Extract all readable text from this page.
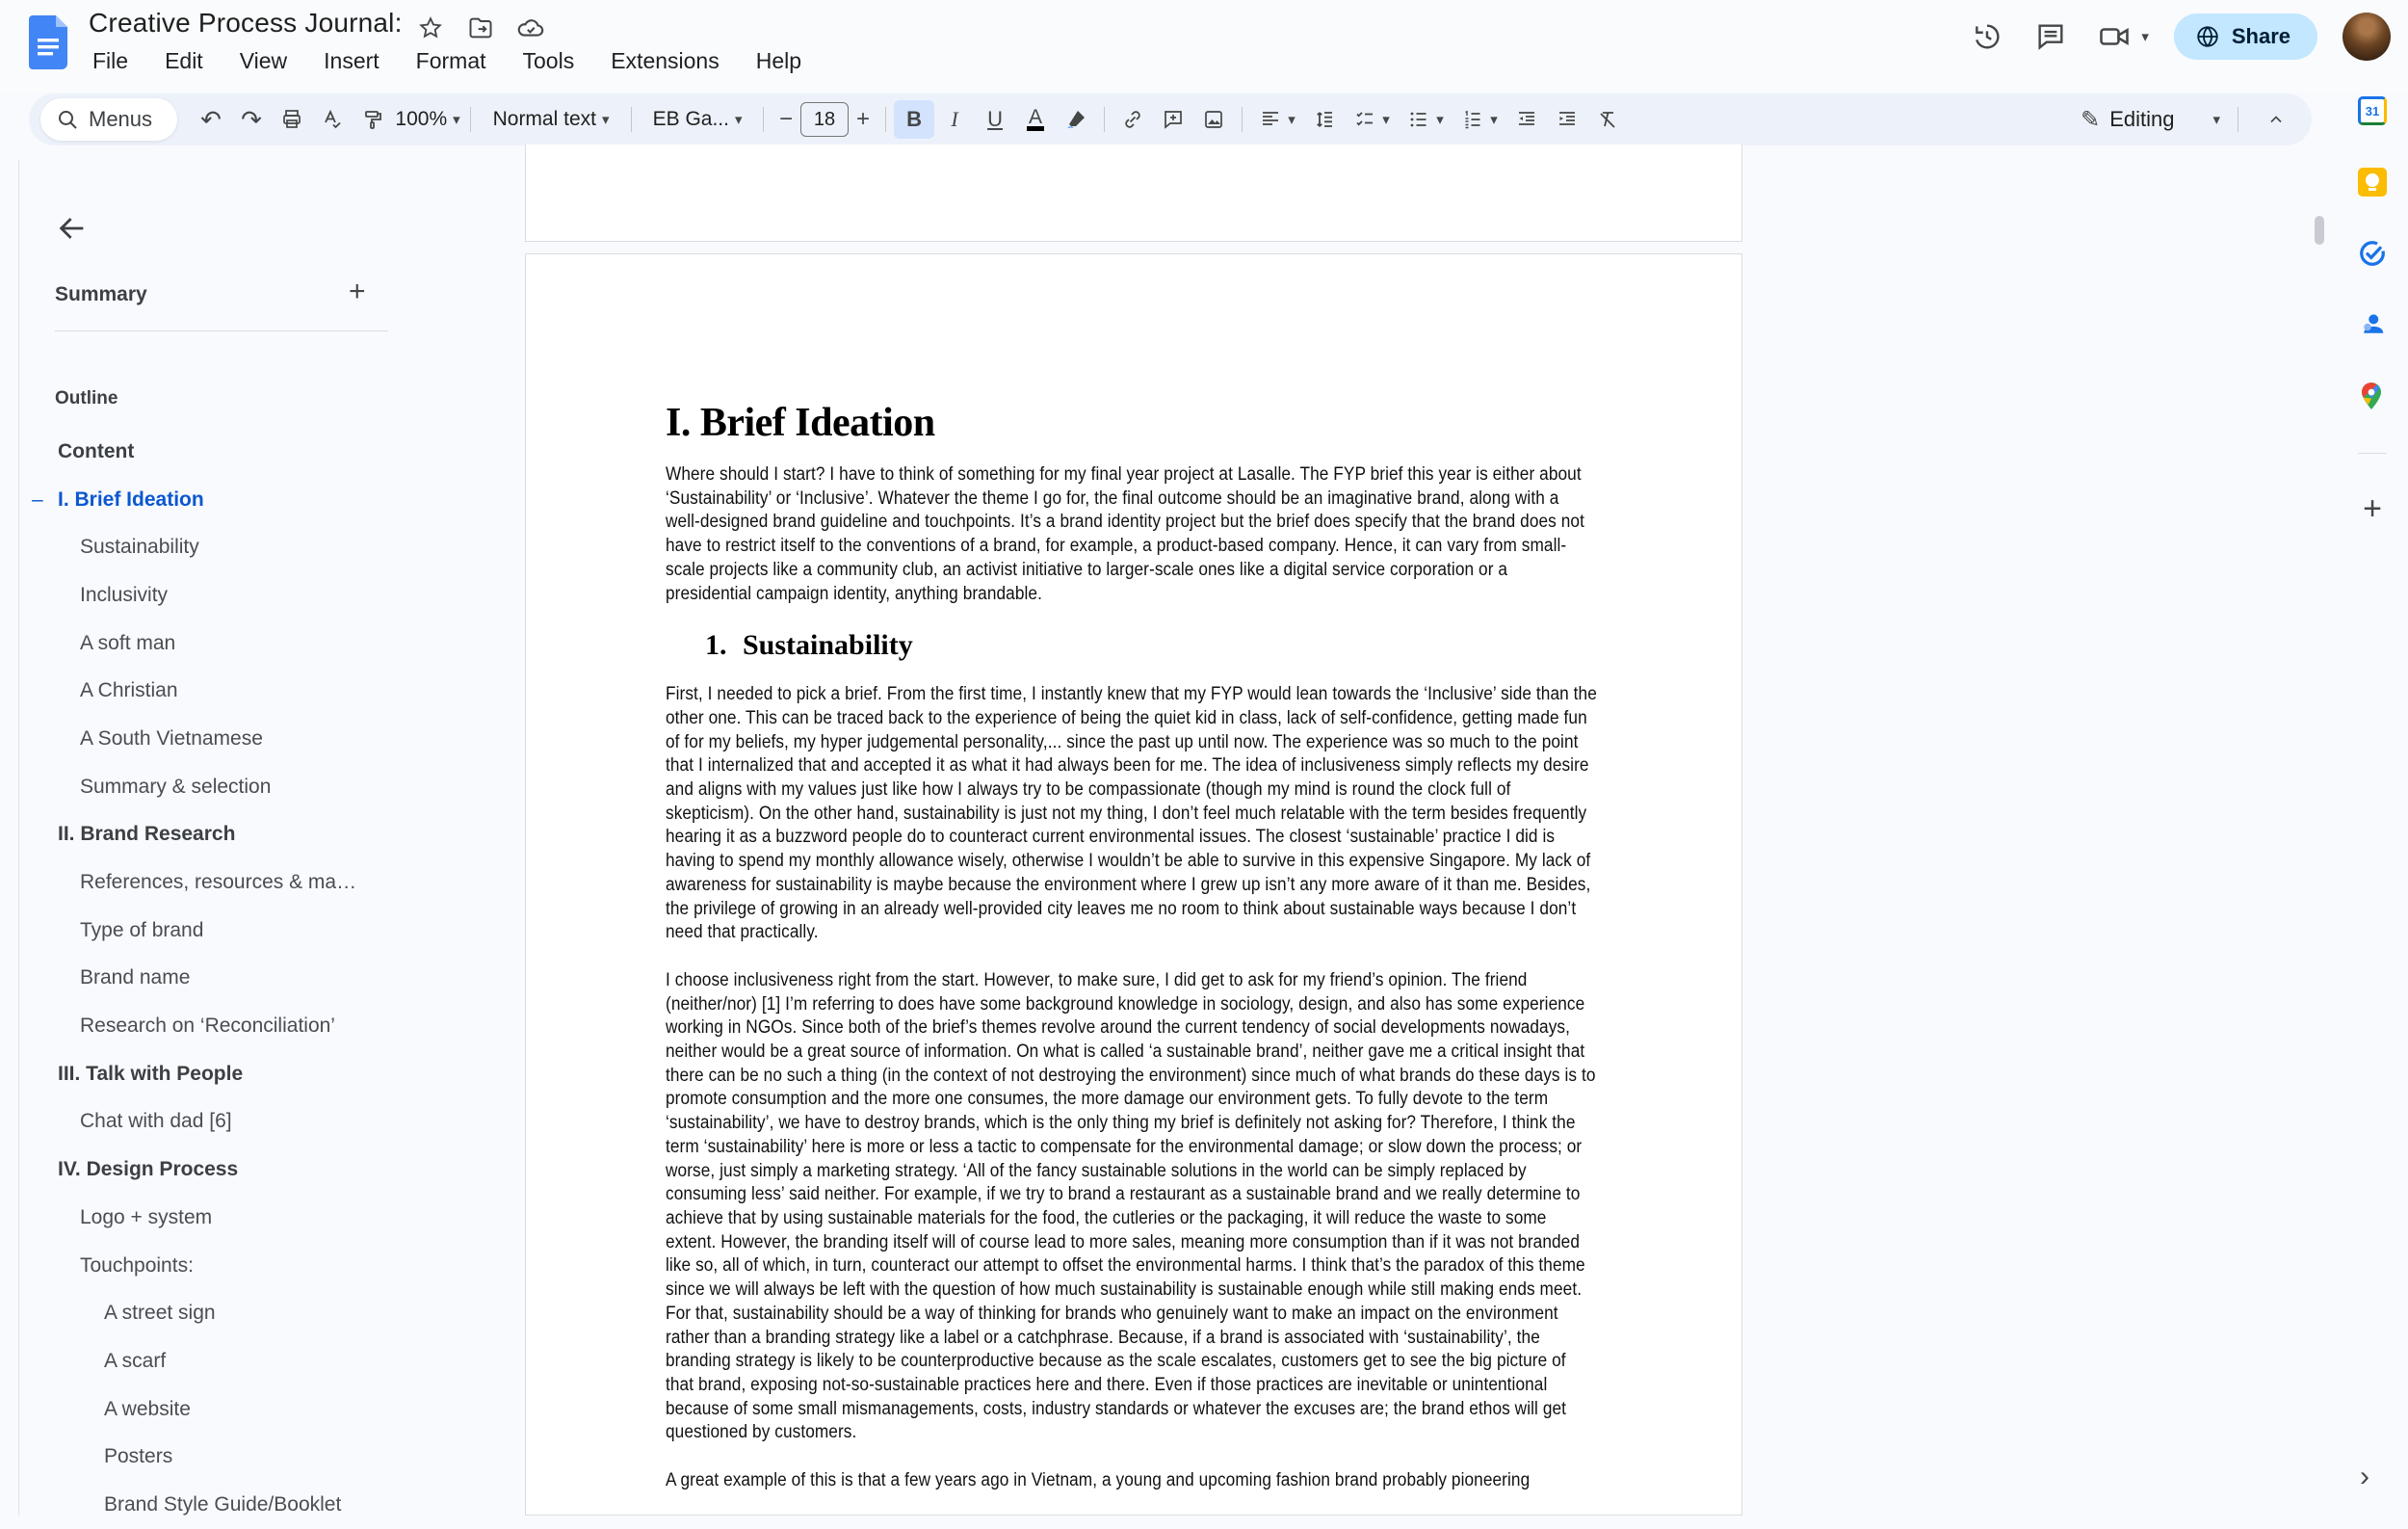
Creative Process Journal:
File Edit View Insert Format Tools Extensions Help
▾	Share
Menus	↶ ↷	100% ▾ Normal text ▾ EB Ga... ▾	−	18 +	B	I	U	A	▾	▾	▾	▾	✎ Editing	▾
Summary	+
Outline
Content
– I. Brief Ideation
Sustainability
Inclusivity
A soft man
A Christian
A South Vietnamese
Summary & selection
II. Brand Research
References, resources & ma…
Type of brand
Brand name
Research on ‘Reconciliation’
III. Talk with People
Chat with dad [6]
IV. Design Process
Logo + system
Touchpoints:
A street sign
A scarf
A website
Posters
Brand Style Guide/Booklet
I. Brief Ideation
Where should I start? I have to think of something for my final year project at Lasalle. The FYP brief this year is either about ‘Sustainability’ or ‘Inclusive’. Whatever the theme I go for, the final outcome should be an imaginative brand, along with a well-designed brand guideline and touchpoints. It’s a brand identity project but the brief does specify that the brand does not have to restrict itself to the conventions of a brand, for example, a product-based company. Hence, it can vary from small-scale projects like a community club, an activist initiative to larger-scale ones like a digital service corporation or a presidential campaign identity, anything brandable.
1. Sustainability
First, I needed to pick a brief. From the first time, I instantly knew that my FYP would lean towards the ‘Inclusive’ side than the other one. This can be traced back to the experience of being the quiet kid in class, lack of self-confidence, getting made fun of for my beliefs, my hyper judgemental personality,... since the past up until now. The experience was so much to the point that I internalized that and accepted it as what it had always been for me. The idea of inclusiveness simply reflects my desire and aligns with my values just like how I always try to be compassionate (though my mind is round the clock full of skepticism). On the other hand, sustainability is just not my thing, I don’t feel much relatable with the term besides frequently hearing it as a buzzword people do to counteract current environmental issues. The closest ‘sustainable’ practice I did is having to spend my monthly allowance wisely, otherwise I wouldn’t be able to survive in this expensive Singapore. My lack of awareness for sustainability is maybe because the environment where I grew up isn’t any more aware of it than me. Besides, the privilege of growing in an already well-provided city leaves me no room to think about sustainable ways because I don’t need that practically.
I choose inclusiveness right from the start. However, to make sure, I did get to ask for my friend’s opinion. The friend (neither/nor) [1] I’m referring to does have some background knowledge in sociology, design, and also has some experience working in NGOs. Since both of the brief’s themes revolve around the current tendency of social developments nowadays, neither would be a great source of information. On what is called ‘a sustainable brand’, neither gave me a critical insight that there can be no such a thing (in the context of not destroying the environment) since much of what brands do these days is to promote consumption and the more one consumes, the more damage our environment gets. To fully devote to the term ‘sustainability’, we have to destroy brands, which is the only thing my brief is definitely not asking for? Therefore, I think the term ‘sustainability’ here is more or less a tactic to compensate for the environmental damage; or slow down the process; or worse, just simply a marketing strategy. ‘All of the fancy sustainable solutions in the world can be simply replaced by consuming less’ said neither. For example, if we try to brand a restaurant as a sustainable brand and we really determine to achieve that by using sustainable materials for the food, the cutleries or the packaging, it will reduce the waste to some extent. However, the branding itself will of course lead to more sales, meaning more consumption than if it was not branded like so, all of which, in turn, counteract our attempt to offset the environmental harms. I think that’s the paradox of this theme since we will always be left with the question of how much sustainability is sustainable enough while still making ends meet. For that, sustainability should be a way of thinking for brands who genuinely want to make an impact on the environment rather than a branding strategy like a label or a catchphrase. Because, if a brand is associated with ‘sustainability’, the branding strategy is likely to be counterproductive because as the scale escalates, customers get to see the big picture of that brand, exposing not-so-sustainable practices here and there. Even if those practices are inevitable or unintentional because of some small mismanagements, costs, industry standards or whatever the excuses are; the brand ethos will get questioned by customers.
A great example of this is that a few years ago in Vietnam, a young and upcoming fashion brand probably pioneering
31
+
›
